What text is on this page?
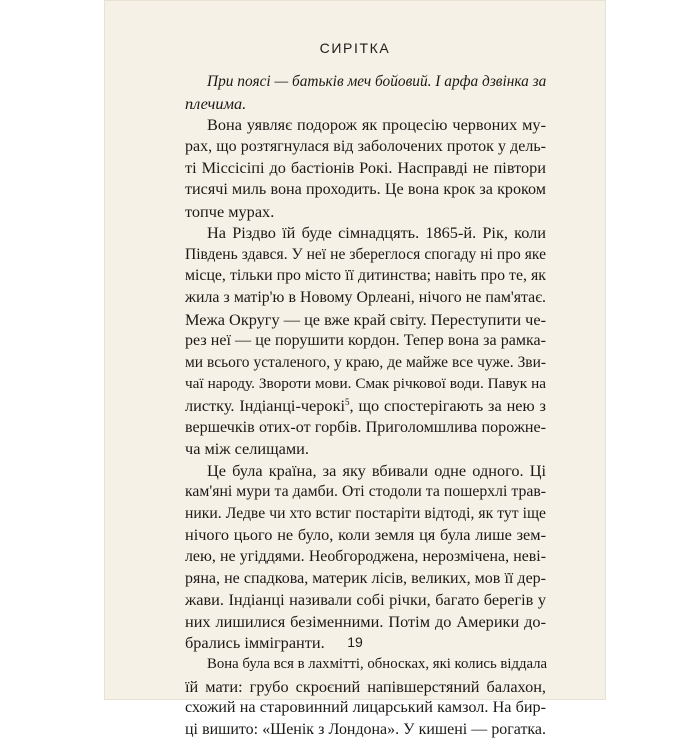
СИРІТКА

При поясі — батьків меч бойовий. І арфа дзвінка за
плечима.

Вона уявляє подорож як процесію червоних му-
рах, що розтягнулася від заболочених проток у дель-
ті Міссісіпі до бастіонів Рокі. Насправді не півтори
тисячі миль вона проходить. Це вона крок за кроком
топче мурах.

На Різдво їй буде сімнадцять. 1865-й. Рік, коли
Південь здався. У неї не збереглося спогаду ні про яке
місце, тільки про місто її дитинства; навіть про те, як
жила з матір'ю в Новому Орлеані, нічого не пам'ятає.
Межа Округу — це вже край світу. Переступити че-
рез неї — це порушити кордон. Тепер вона за рамка-
ми всього усталеного, у краю, де майже все чуже. Зви-
чаї народу. Звороти мови. Смак річкової води. Павук на
листку. Індіанці-черокі$^5$, що спостерігають за нею з
вершечків отих-от горбів. Приголомшлива порожне-
ча між селищами.

Це була країна, за яку вбивали одне одного. Ці
кам'яні мури та дамби. Оті стодоли та пошерхлі трав-
ники. Ледве чи хто встиг постаріти відтоді, як тут іще
нічого цього не було, коли земля ця була лише зем-
лею, не угіддями. Необгороджена, нерозмічена, неві-
ряна, не спадкова, материк лісів, великих, мов її дер-
жави. Індіанці називали собі річки, багато берегів у
них лишилися безіменними. Потім до Америки до-
брались іммігранти.

Вона була вся в лахмітті, обносках, які колись віддала
їй мати: грубо скроєний напівшерстяний балахон,
схожий на старовинний лицарський камзол. На бир-
ці вишито: «Шенік з Лондона». У кишені — рогатка.

19
